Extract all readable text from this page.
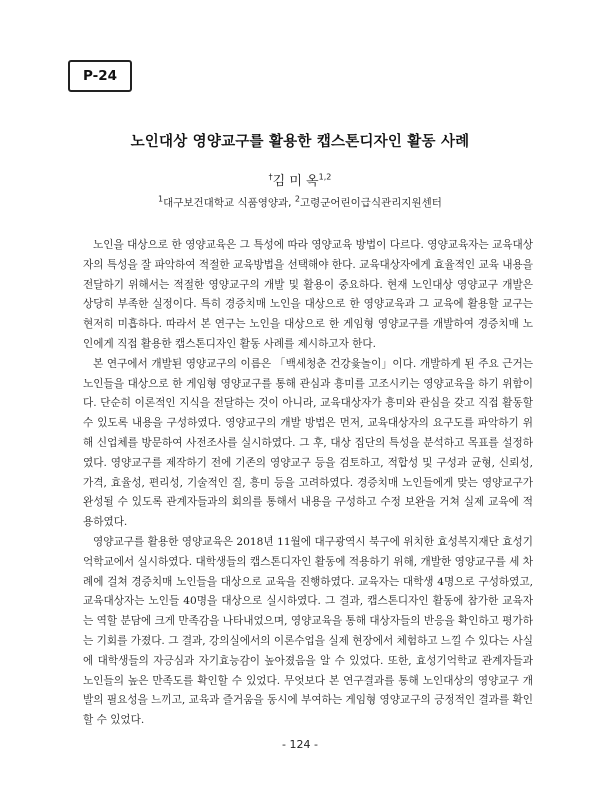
P-24
노인대상 영양교구를 활용한 캡스톤디자인 활동 사례
†김 미 옥$^{1,2}$
$^1$대구보건대학교 식품영양과, $^2$고령군어린이급식관리지원센터

노인을 대상으로 한 영양교육은 그 특성에 따라 영양교육 방법이 다르다. 영양교육자는 교육대상자의 특성을 잘 파악하여 적절한 교육방법을 선택해야 한다. 교육대상자에게 효율적인 교육 내용을 전달하기 위해서는 적절한 영양교구의 개발 및 활용이 중요하다. 현재 노인대상 영양교구 개발은 상당히 부족한 실정이다. 특히 경증치매 노인을 대상으로 한 영양교육과 그 교육에 활용할 교구는 현저히 미흡하다. 따라서 본 연구는 노인을 대상으로 한 게임형 영양교구를 개발하여 경증치매 노인에게 직접 활용한 캡스톤디자인 활동 사례를 제시하고자 한다.

본 연구에서 개발된 영양교구의 이름은 「백세청춘 건강윷놀이」이다. 개발하게 된 주요 근거는 노인들을 대상으로 한 게임형 영양교구를 통해 관심과 흥미를 고조시키는 영양교육을 하기 위함이다. 단순히 이론적인 지식을 전달하는 것이 아니라, 교육대상자가 흥미와 관심을 갖고 직접 활동할 수 있도록 내용을 구성하였다. 영양교구의 개발 방법은 먼저, 교육대상자의 요구도를 파악하기 위해 신업체를 방문하여 사전조사를 실시하였다. 그 후, 대상 집단의 특성을 분석하고 목표를 설정하였다. 영양교구를 제작하기 전에 기존의 영양교구 등을 검토하고, 적합성 및 구성과 균형, 신뢰성, 가격, 효율성, 편리성, 기술적인 질, 흥미 등을 고려하였다. 경증치매 노인들에게 맞는 영양교구가 완성될 수 있도록 관계자들과의 회의를 통해서 내용을 구성하고 수정 보완을 거쳐 실제 교육에 적용하였다.

영양교구를 활용한 영양교육은 2018년 11월에 대구광역시 북구에 위치한 효성복지재단 효성기억학교에서 실시하였다. 대학생들의 캡스톤디자인 활동에 적용하기 위해, 개발한 영양교구를 세 차례에 걸쳐 경증치매 노인들을 대상으로 교육을 진행하였다. 교육자는 대학생 4명으로 구성하였고, 교육대상자는 노인들 40명을 대상으로 실시하였다. 그 결과, 캡스톤디자인 활동에 참가한 교육자는 역할 분담에 크게 만족감을 나타내었으며, 영양교육을 통해 대상자들의 반응을 확인하고 평가하는 기회를 가졌다. 그 결과, 강의실에서의 이론수업을 실제 현장에서 체험하고 느낄 수 있다는 사실에 대학생들의 자긍심과 자기효능감이 높아졌음을 알 수 있었다. 또한, 효성기억학교 관계자들과 노인들의 높은 만족도를 확인할 수 있었다. 무엇보다 본 연구결과를 통해 노인대상의 영양교구 개발의 필요성을 느끼고, 교육과 즐거움을 동시에 부여하는 게임형 영양교구의 긍정적인 결과를 확인할 수 있었다.

- 124 -
